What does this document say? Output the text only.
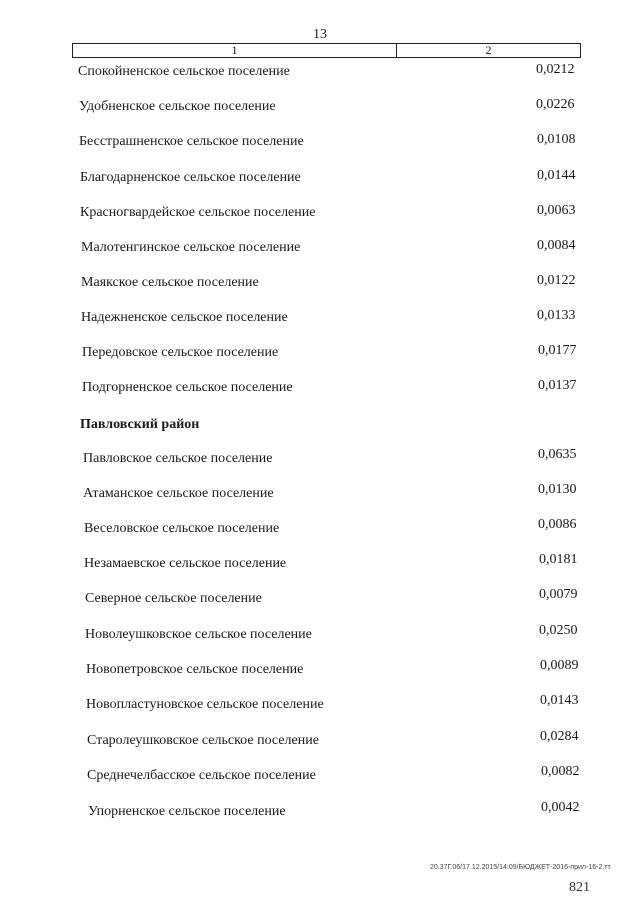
13
1	2
Спокойненское сельское поселение	0,0212
Удобненское сельское поселение	0,0226
Бесстрашненское сельское поселение	0,0108
Благодарненское сельское поселение	0,0144
Красногвардейское сельское поселение	0,0063
Малотенгинское сельское поселение	0,0084
Маякское сельское поселение	0,0122
Надежненское сельское поселение	0,0133
Передовское сельское поселение	0,0177
Подгорненское сельское поселение	0,0137
Павловский район
Павловское сельское поселение	0,0635
Атаманское сельское поселение	0,0130
Веселовское сельское поселение	0,0086
Незамаевское сельское поселение	0,0181
Северное сельское поселение	0,0079
Новолеушковское сельское поселение	0,0250
Новопетровское сельское поселение	0,0089
Новопластуновское сельское поселение	0,0143
Старолеушковское сельское поселение	0,0284
Среднечелбасское сельское поселение	0,0082
Упорненское сельское поселение	0,0042
20.37Г.06/17.12.2015/14:09/БЮДЖЕТ-2016-прил-16-2.тт
821
